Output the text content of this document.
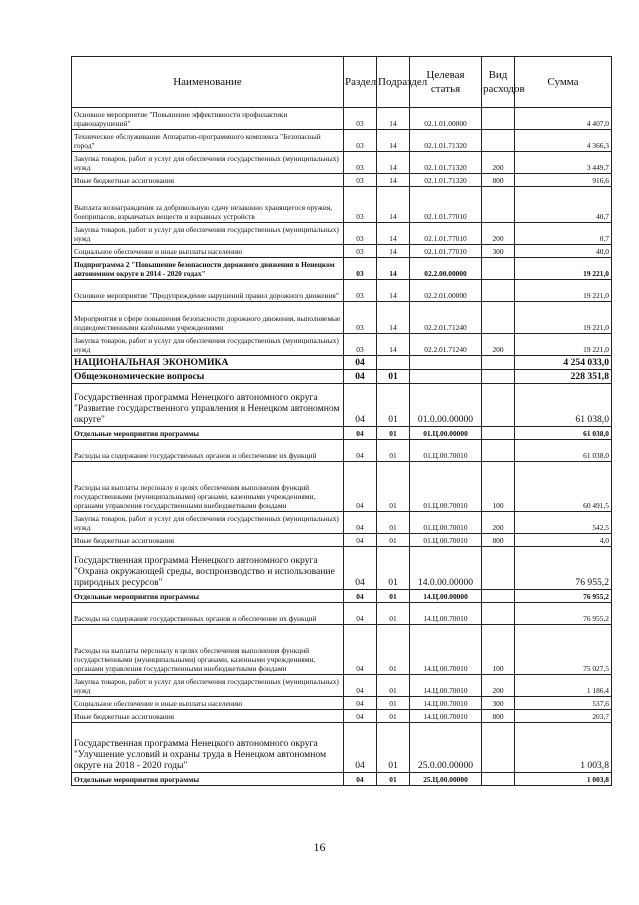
Наименование	Раздел	Подраздел	Целевая статья	Вид расходов	Сумма
Основное мероприятие "Повышение эффективности профилактики правонарушений"	03	14	02.1.01.00000		4 407,0
Техническое обслуживание Аппаратно-программного комплекса "Безопасный город"	03	14	02.1.01.71320		4 366,3
Закупка товаров, работ и услуг для обеспечения государственных (муниципальных) нужд	03	14	02.1.01.71320	200	3 449,7
Иные бюджетные ассигнования	03	14	02.1.01.71320	800	916,6
Выплата вознаграждения за добровольную сдачу незаконно хранящегося оружия, боеприпасов, взрывчатых веществ и взрывных устройств	03	14	02.1.01.77010		40,7
Закупка товаров, работ и услуг для обеспечения государственных (муниципальных) нужд	03	14	02.1.01.77010	200	0,7
Социальное обеспечение и иные выплаты населению	03	14	02.1.01.77010	300	40,0
Подпрограмма 2 "Повышение безопасности дорожного движения в Ненецком автономном округе в 2014 - 2020 годах"	03	14	02.2.00.00000		19 221,0
Основное мероприятие "Предупреждение нарушений правил дорожного движения"	03	14	02.2.01.00000		19 221,0
Мероприятия в сфере повышения безопасности дорожного движения, выполняемые подведомственными казёнными учреждениями	03	14	02.2.01.71240		19 221,0
Закупка товаров, работ и услуг для обеспечения государственных (муниципальных) нужд	03	14	02.2.01.71240	200	19 221,0
НАЦИОНАЛЬНАЯ ЭКОНОМИКА	04				4 254 033,0
Общеэкономические вопросы	04	01			228 351,8
Государственная программа Ненецкого автономного округа "Развитие государственного управления в Ненецком автономном округе"	04	01	01.0.00.00000		61 038,0
Отдельные мероприятия программы	04	01	01.Ц.00.00000		61 038,0
Расходы на содержание государственных органов и обеспечение их функций	04	01	01.Ц.00.70010		61 038,0
Расходы на выплаты персоналу в целях обеспечения выполнения функций государственными (муниципальными) органами, казенными учреждениями, органами управления государственными внебюджетными фондами	04	01	01.Ц.00.70010	100	60 491,5
Закупка товаров, работ и услуг для обеспечения государственных (муниципальных) нужд	04	01	01.Ц.00.70010	200	542,5
Иные бюджетные ассигнования	04	01	01.Ц.00.70010	800	4,0
Государственная программа Ненецкого автономного округа "Охрана окружающей среды, воспроизводство и использование природных ресурсов"	04	01	14.0.00.00000		76 955,2
Отдельные мероприятия программы	04	01	14.Ц.00.00000		76 955,2
Расходы на содержание государственных органов и обеспечение их функций	04	01	14.Ц.00.70010		76 955,2
Расходы на выплаты персоналу в целях обеспечения выполнения функций государственными (муниципальными) органами, казенными учреждениями, органами управления государственными внебюджетными фондами	04	01	14.Ц.00.70010	100	75 027,5
Закупка товаров, работ и услуг для обеспечения государственных (муниципальных) нужд	04	01	14.Ц.00.70010	200	1 186,4
Социальное обеспечение и иные выплаты населению	04	01	14.Ц.00.70010	300	537,6
Иные бюджетные ассигнования	04	01	14.Ц.00.70010	800	203,7
Государственная программа Ненецкого автономного округа "Улучшение условий и охраны труда в Ненецком автономном округе на 2018 - 2020 годы"	04	01	25.0.00.00000		1 003,8
Отдельные мероприятия программы	04	01	25.Ц.00.00000		1 003,8
16
